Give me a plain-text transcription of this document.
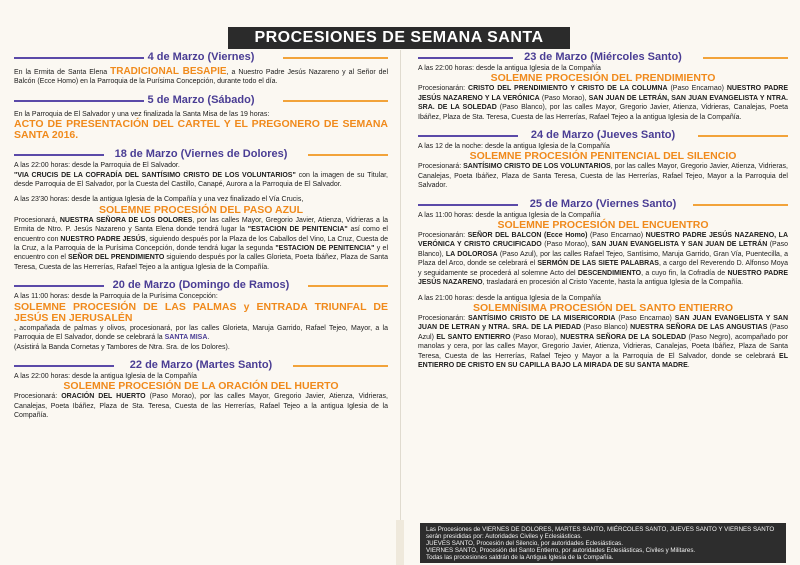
PROCESIONES DE SEMANA SANTA
4 de Marzo (Viernes)

En la Ermita de Santa Elena TRADICIONAL BESAPIE, a Nuestro Padre Jesús Nazareno y al Señor del Balcón (Ecce Homo) en la Parroquia de la Purísima Concepción, durante todo el día.

5 de Marzo (Sábado)

En la Parroquia de El Salvador y una vez finalizada la Santa Misa de las 19 horas:
ACTO DE PRESENTACIÓN DEL CARTEL Y EL PREGONERO DE SEMANA SANTA 2016.

18 de Marzo (Viernes de Dolores)

A las 22:00 horas: desde la Parroquia de El Salvador.
"VIA CRUCIS DE LA COFRADÍA DEL SANTÍSIMO CRISTO DE LOS VOLUNTARIOS" con la imagen de su Titular, desde Parroquia de El Salvador, por la Cuesta del Castillo, Canapé, Aurora a la Parroquia de El Salvador.

A las 23'30 horas: desde la antigua Iglesia de la Compañía y una vez finalizado el Vía Crucis,
SOLEMNE PROCESIÓN DEL PASO AZUL
Procesionará, NUESTRA SEÑORA DE LOS DOLORES, por las calles Mayor, Gregorio Javier, Atienza, Vidrieras a la Ermita de Ntro. P. Jesús Nazareno y Santa Elena donde tendrá lugar la "ESTACION DE PENITENCIA" así como el encuentro con NUESTRO PADRE JESÚS, siguiendo después por la Plaza de los Caballos del Vino, La Cruz, Cuesta de la Cruz, a la Parroquia de la Purísima Concepción, donde tendrá lugar la segunda "ESTACION DE PENITENCIA" y el encuentro con el SEÑOR DEL PRENDIMIENTO siguiendo después por la calles Glorieta, Poeta Ibáñez, Plaza de Santa Teresa, Cuesta de las Herrerías, Rafael Tejeo a la antigua Iglesia de la Compañía.

20 de Marzo (Domingo de Ramos)

A las 11:00 horas: desde la Parroquia de la Purísima Concepción:
SOLEMNE PROCESIÓN DE LAS PALMAS y ENTRADA TRIUNFAL DE JESÚS EN JERUSALÉN
, acompañada de palmas y olivos, procesionará, por las calles Glorieta, Maruja Garrido, Rafael Tejeo, Mayor, a la Parroquia de El Salvador, donde se celebrará la SANTA MISA.
(Asistirá la Banda Cornetas y Tambores de Ntra. Sra. de los Dolores).

22 de Marzo (Martes Santo)

A las 22:00 horas: desde la antigua Iglesia de la Compañía
SOLEMNE PROCESIÓN DE LA ORACIÓN DEL HUERTO
Procesionará: ORACIÓN DEL HUERTO (Paso Morao), por las calles Mayor, Gregorio Javier, Atienza, Vidrieras, Canalejas, Poeta Ibáñez, Plaza de Sta. Teresa, Cuesta de las Herrerías, Rafael Tejeo a la antigua Iglesia de la Compañía.

23 de Marzo (Miércoles Santo)

A las 22:00 horas: desde la antigua Iglesia de la Compañía
SOLEMNE PROCESIÓN DEL PRENDIMIENTO
Procesionarán: CRISTO DEL PRENDIMIENTO Y CRISTO DE LA COLUMNA (Paso Encarnao) NUESTRO PADRE JESÚS NAZARENO Y LA VERÓNICA (Paso Morao), SAN JUAN DE LETRÁN, SAN JUAN EVANGELISTA Y NTRA. SRA. DE LA SOLEDAD (Paso Blanco), por las calles Mayor, Gregorio Javier, Atienza, Vidrieras, Canalejas, Poeta Ibáñez, Plaza de Sta. Teresa, Cuesta de las Herrerías, Rafael Tejeo a la antigua Iglesia de la Compañía.

24 de Marzo (Jueves Santo)

A las 12 de la noche: desde la antigua Iglesia de la Compañía
SOLEMNE PROCESIÓN PENITENCIAL DEL SILENCIO
Procesionará: SANTÍSIMO CRISTO DE LOS VOLUNTARIOS, por las calles Mayor, Gregorio Javier, Atienza, Vidrieras, Canalejas, Poeta Ibáñez, Plaza de Santa Teresa, Cuesta de las Herrerías, Rafael Tejeo, Mayor a la Parroquia del Salvador.

25 de Marzo (Viernes Santo)

A las 11:00 horas: desde la antigua Iglesia de la Compañía
SOLEMNE PROCESIÓN DEL ENCUENTRO
Procesionarán: SEÑOR DEL BALCON (Ecce Homo) (Paso Encarnao) NUESTRO PADRE JESÚS NAZARENO, LA VERÓNICA Y CRISTO CRUCIFICADO (Paso Morao), SAN JUAN EVANGELISTA Y SAN JUAN DE LETRÁN (Paso Blanco), LA DOLOROSA (Paso Azul), por las calles Rafael Tejeo, Santísimo, Maruja Garrido, Gran Vía, Puentecilla, a Plaza del Arco, donde se celebrará el SERMÓN DE LAS SIETE PALABRAS, a cargo del Reverendo D. Alfonso Moya y seguidamente se procederá al solemne Acto del DESCENDIMIENTO, a cuyo fin, la Cofradía de NUESTRO PADRE JESÚS NAZARENO, trasladará en procesión al Cristo Yacente, hasta la antigua Iglesia de la Compañía.

A las 21:00 horas: desde la antigua Iglesia de la Compañía
SOLEMNÍSIMA PROCESIÓN DEL SANTO ENTIERRO
Procesionarán: SANTÍSIMO CRISTO DE LA MISERICORDIA (Paso Encarnao) SAN JUAN EVANGELISTA Y SAN JUAN DE LETRAN y NTRA. SRA. DE LA PIEDAD (Paso Blanco) NUESTRA SEÑORA DE LAS ANGUSTIAS (Paso Azul) EL SANTO ENTIERRO (Paso Morao), NUESTRA SEÑORA DE LA SOLEDAD (Paso Negro), acompañado por manolas y cera, por las calles Mayor, Gregorio Javier, Atienza, Vidrieras, Canalejas, Poeta Ibáñez, Plaza de Santa Teresa, Cuesta de las Herrerías, Rafael Tejeo y Mayor a la Parroquia de El Salvador, donde se celebrará EL ENTIERRO DE CRISTO EN SU CAPILLA BAJO LA MIRADA DE SU SANTA MADRE.

Las Procesiones de VIERNES DE DOLORES, MARTES SANTO, MIÉRCOLES SANTO, JUEVES SANTO Y VIERNES SANTO serán presididas por: Autoridades Civiles y Eclesiásticas.
JUEVES SANTO, Procesión del Silencio, por autoridades Eclesiásticas.
VIERNES SANTO, Procesión del Santo Entierro, por autoridades Eclesiásticas, Civiles y Militares.
Todas las procesiones saldrán de la Antigua Iglesia de la Compañía.
